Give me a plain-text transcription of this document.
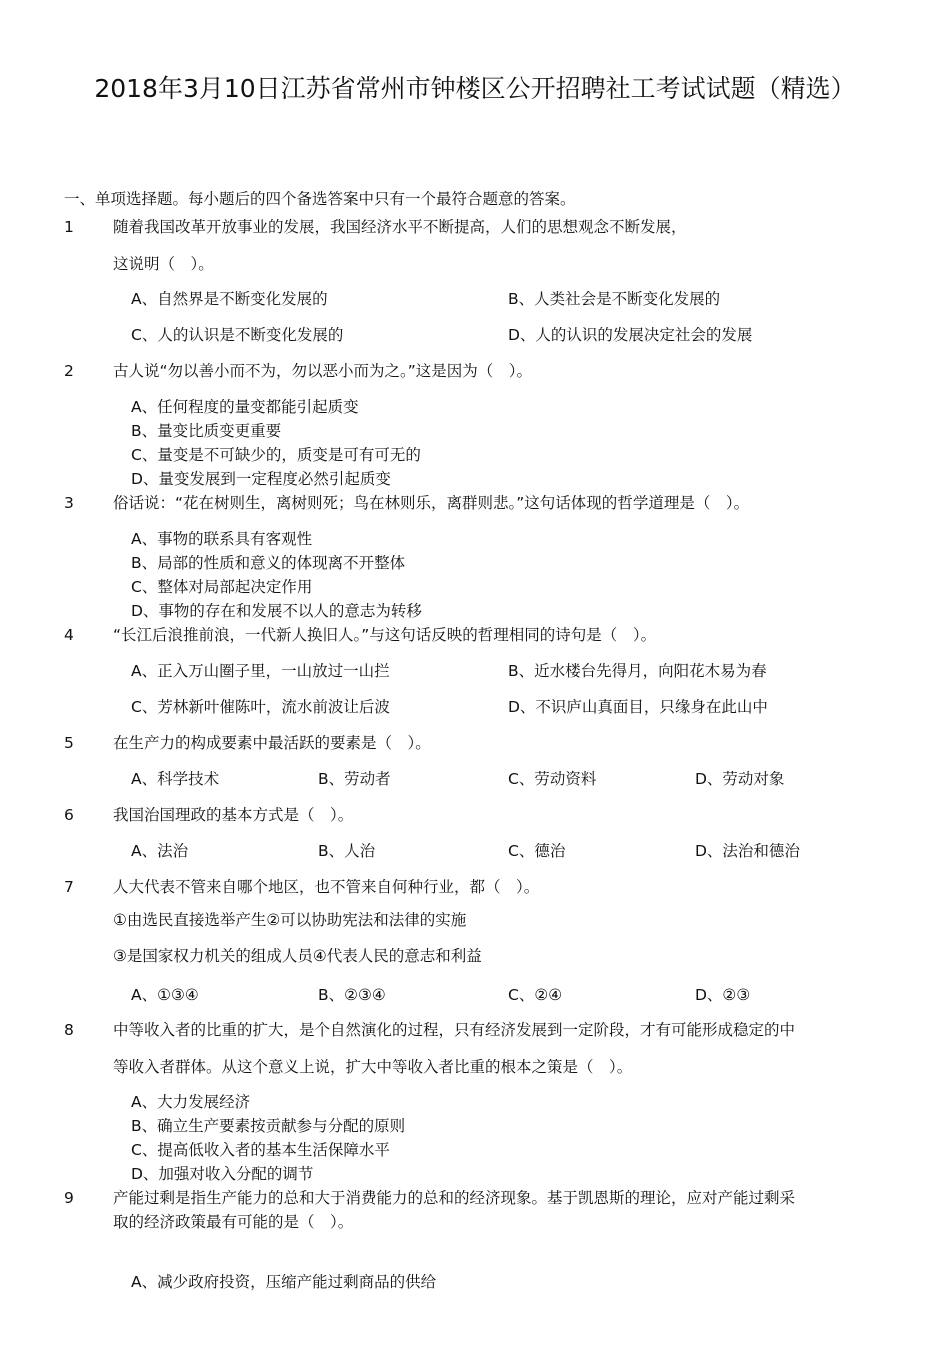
2018年3月10日江苏省常州市钟楼区公开招聘社工考试试题（精选）
一、单项选择题。每小题后的四个备选答案中只有一个最符合题意的答案。
1	随着我国改革开放事业的发展，我国经济水平不断提高，人们的思想观念不断发展，
这说明（　）。
A、自然界是不断变化发展的	B、人类社会是不断变化发展的
C、人的认识是不断变化发展的	D、人的认识的发展决定社会的发展
2	古人说“勿以善小而不为，勿以恶小而为之。”这是因为（　）。
A、任何程度的量变都能引起质变
B、量变比质变更重要
C、量变是不可缺少的，质变是可有可无的
D、量变发展到一定程度必然引起质变
3	俗话说：“花在树则生，离树则死；鸟在林则乐，离群则悲。”这句话体现的哲学道理是（　）。
A、事物的联系具有客观性
B、局部的性质和意义的体现离不开整体
C、整体对局部起决定作用
D、事物的存在和发展不以人的意志为转移
4	“长江后浪推前浪，一代新人换旧人。”与这句话反映的哲理相同的诗句是（　）。
A、正入万山圈子里，一山放过一山拦	B、近水楼台先得月，向阳花木易为春
C、芳林新叶催陈叶，流水前波让后波	D、不识庐山真面目，只缘身在此山中
5	在生产力的构成要素中最活跃的要素是（　）。
A、科学技术	B、劳动者	C、劳动资料	D、劳动对象
6	我国治国理政的基本方式是（　）。
A、法治	B、人治	C、德治	D、法治和德治
7	人大代表不管来自哪个地区，也不管来自何种行业，都（　）。
①由选民直接选举产生②可以协助宪法和法律的实施
③是国家权力机关的组成人员④代表人民的意志和利益
A、①③④	B、②③④	C、②④	D、②③
8	中等收入者的比重的扩大，是个自然演化的过程，只有经济发展到一定阶段，才有可能形成稳定的中
等收入者群体。从这个意义上说，扩大中等收入者比重的根本之策是（　）。
A、大力发展经济
B、确立生产要素按贡献参与分配的原则
C、提高低收入者的基本生活保障水平
D、加强对收入分配的调节
9	产能过剩是指生产能力的总和大于消费能力的总和的经济现象。基于凯恩斯的理论，应对产能过剩采
取的经济政策最有可能的是（　）。
A、减少政府投资，压缩产能过剩商品的供给
